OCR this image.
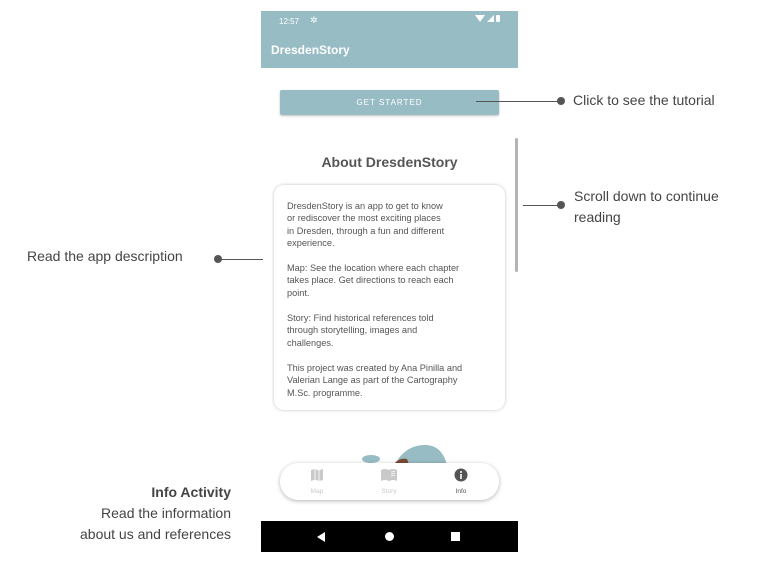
12:57 ✲
DresdenStory
GET STARTED
About DresdenStory

DresdenStory is an app to get to know
or rediscover the most exciting places
in Dresden, through a fun and different
experience.

Map: See the location where each chapter
takes place. Get directions to reach each
point.

Story: Find historical references told
through storytelling, images and
challenges.

This project was created by Ana Pinilla and
Valerian Lange as part of the Cartography
M.Sc. programme.

Map	Story	Info
Click to see the tutorial
Scroll down to continue
reading
Read the app description
Info Activity
Read the information
about us and references
